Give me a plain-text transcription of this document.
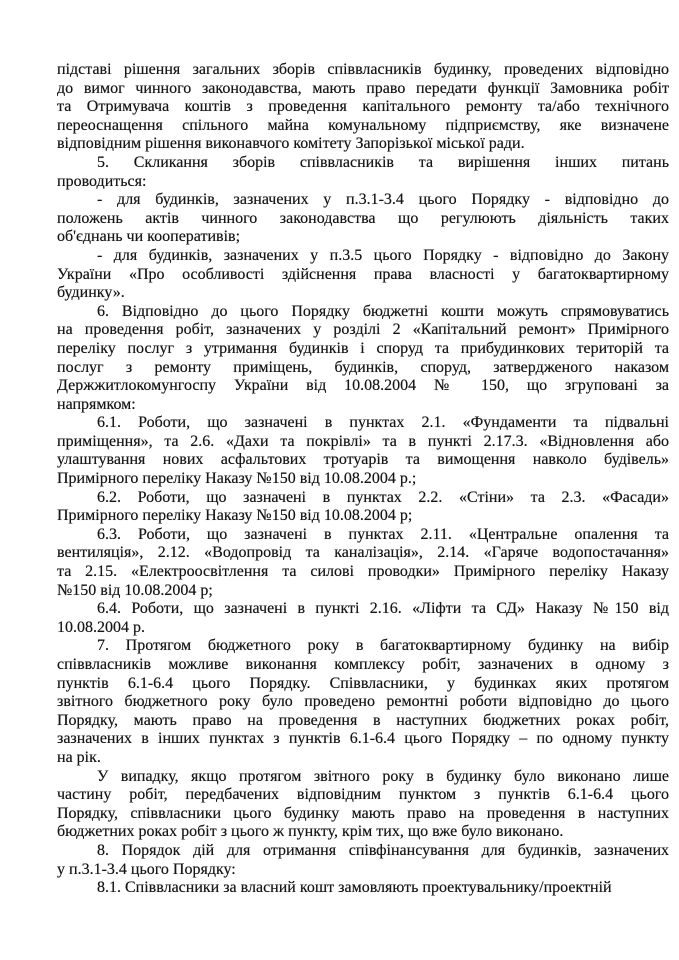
підставі рішення загальних зборів співвласників будинку, проведених відповідно
до вимог чинного законодавства, мають право передати функції Замовника робіт
та Отримувача коштів з проведення капітального ремонту та/або технічного
переоснащення спільного майна комунальному підприємству, яке визначене
відповідним рішення виконавчого комітету Запорізької міської ради.
5. Скликання зборів співвласників та вирішення інших питань
проводиться:
- для будинків, зазначених у п.3.1-3.4 цього Порядку - відповідно до
положень актів чинного законодавства що регулюють діяльність таких
об'єднань чи кооперативів;
- для будинків, зазначених у п.3.5 цього Порядку - відповідно до Закону
України «Про особливості здійснення права власності у багатоквартирному
будинку».
6. Відповідно до цього Порядку бюджетні кошти можуть спрямовуватись
на проведення робіт, зазначених у розділі 2 «Капітальний ремонт» Примірного
переліку послуг з утримання будинків і споруд та прибудинкових територій та
послуг з ремонту приміщень, будинків, споруд, затвердженого наказом
Держжитлокомунгоспу України від 10.08.2004 № 150, що згруповані за
напрямком:
6.1. Роботи, що зазначені в пунктах 2.1. «Фундаменти та підвальні
приміщення», та 2.6. «Дахи та покрівлі» та в пункті 2.17.3. «Відновлення або
улаштування нових асфальтових тротуарів та вимощення навколо будівель»
Примірного переліку Наказу №150 від 10.08.2004 р.;
6.2. Роботи, що зазначені в пунктах 2.2. «Стіни» та 2.3. «Фасади»
Примірного переліку Наказу №150 від 10.08.2004 р;
6.3. Роботи, що зазначені в пунктах 2.11. «Центральне опалення та
вентиляція», 2.12. «Водопровід та каналізація», 2.14. «Гаряче водопостачання»
та 2.15. «Електроосвітлення та силові проводки» Примірного переліку Наказу
№150 від 10.08.2004 р;
6.4. Роботи, що зазначені в пункті 2.16. «Ліфти та СД» Наказу №150 від
10.08.2004 р.
7. Протягом бюджетного року в багатоквартирному будинку на вибір
співвласників можливе виконання комплексу робіт, зазначених в одному з
пунктів 6.1-6.4 цього Порядку. Співвласники, у будинках яких протягом
звітного бюджетного року було проведено ремонтні роботи відповідно до цього
Порядку, мають право на проведення в наступних бюджетних роках робіт,
зазначених в інших пунктах з пунктів 6.1-6.4 цього Порядку – по одному пункту
на рік.
У випадку, якщо протягом звітного року в будинку було виконано лише
частину робіт, передбачених відповідним пунктом з пунктів 6.1-6.4 цього
Порядку, співвласники цього будинку мають право на проведення в наступних
бюджетних роках робіт з цього ж пункту, крім тих, що вже було виконано.
8. Порядок дій для отримання співфінансування для будинків, зазначених
у п.3.1-3.4 цього Порядку:
8.1. Співвласники за власний кошт замовляють проектувальнику/проектній
